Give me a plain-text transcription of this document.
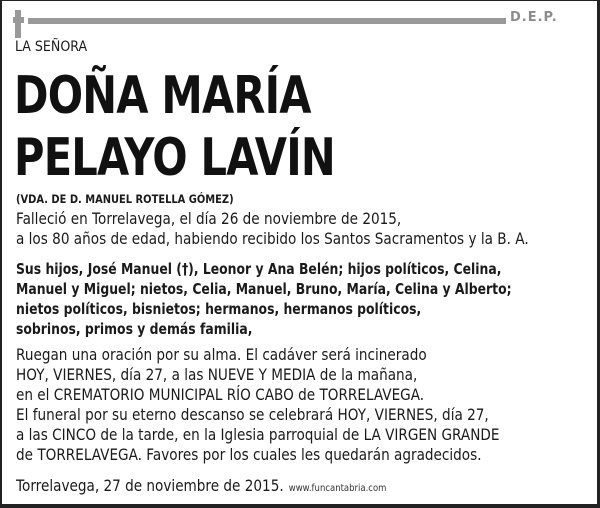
D.E.P.
LA SEÑORA
DOÑA MARÍA
PELAYO LAVÍN
(VDA. DE D. MANUEL ROTELLA GÓMEZ)
Falleció en Torrelavega, el día 26 de noviembre de 2015,
a los 80 años de edad, habiendo recibido los Santos Sacramentos y la B. A.
Sus hijos, José Manuel (†), Leonor y Ana Belén; hijos políticos, Celina,
Manuel y Miguel; nietos, Celia, Manuel, Bruno, María, Celina y Alberto;
nietos políticos, bisnietos; hermanos, hermanos políticos,
sobrinos, primos y demás familia,
Ruegan una oración por su alma. El cadáver será incinerado
HOY, VIERNES, día 27, a las NUEVE Y MEDIA de la mañana,
en el CREMATORIO MUNICIPAL RÍO CABO de TORRELAVEGA.
El funeral por su eterno descanso se celebrará HOY, VIERNES, día 27,
a las CINCO de la tarde, en la Iglesia parroquial de LA VIRGEN GRANDE
de TORRELAVEGA. Favores por los cuales les quedarán agradecidos.
Torrelavega, 27 de noviembre de 2015. www.funcantabria.com
